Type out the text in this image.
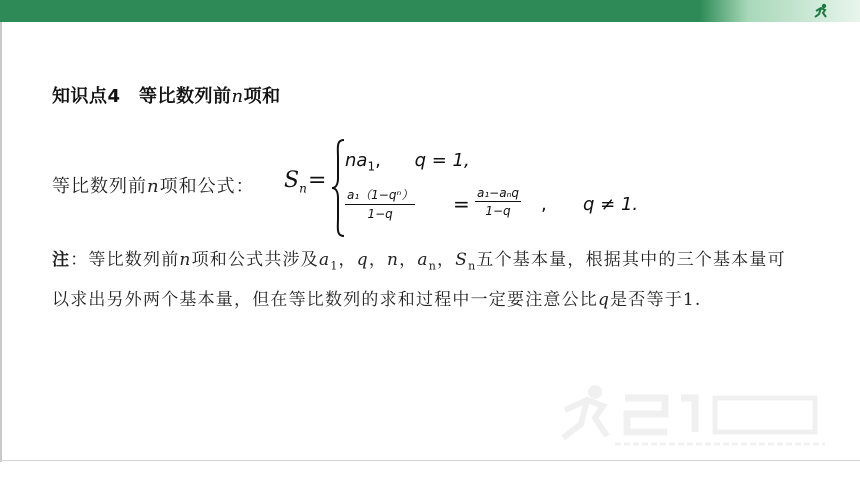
知识点4　等比数列前n项和
等比数列前n项和公式： $S_n$ =
$na_1$, q = 1,
$\frac{\text{a₁（1−qⁿ）}}{1-q} = a_1-a_nq$
1−q	, q ≠ 1.
注：等比数列前n项和公式共涉及$a_1$，q，n，$a_n$，$S_n$五个基本量，根据其中的三个基本量可以求出另外两个基本量，但在等比数列的求和过程中一定要注意公比q是否等于1.
